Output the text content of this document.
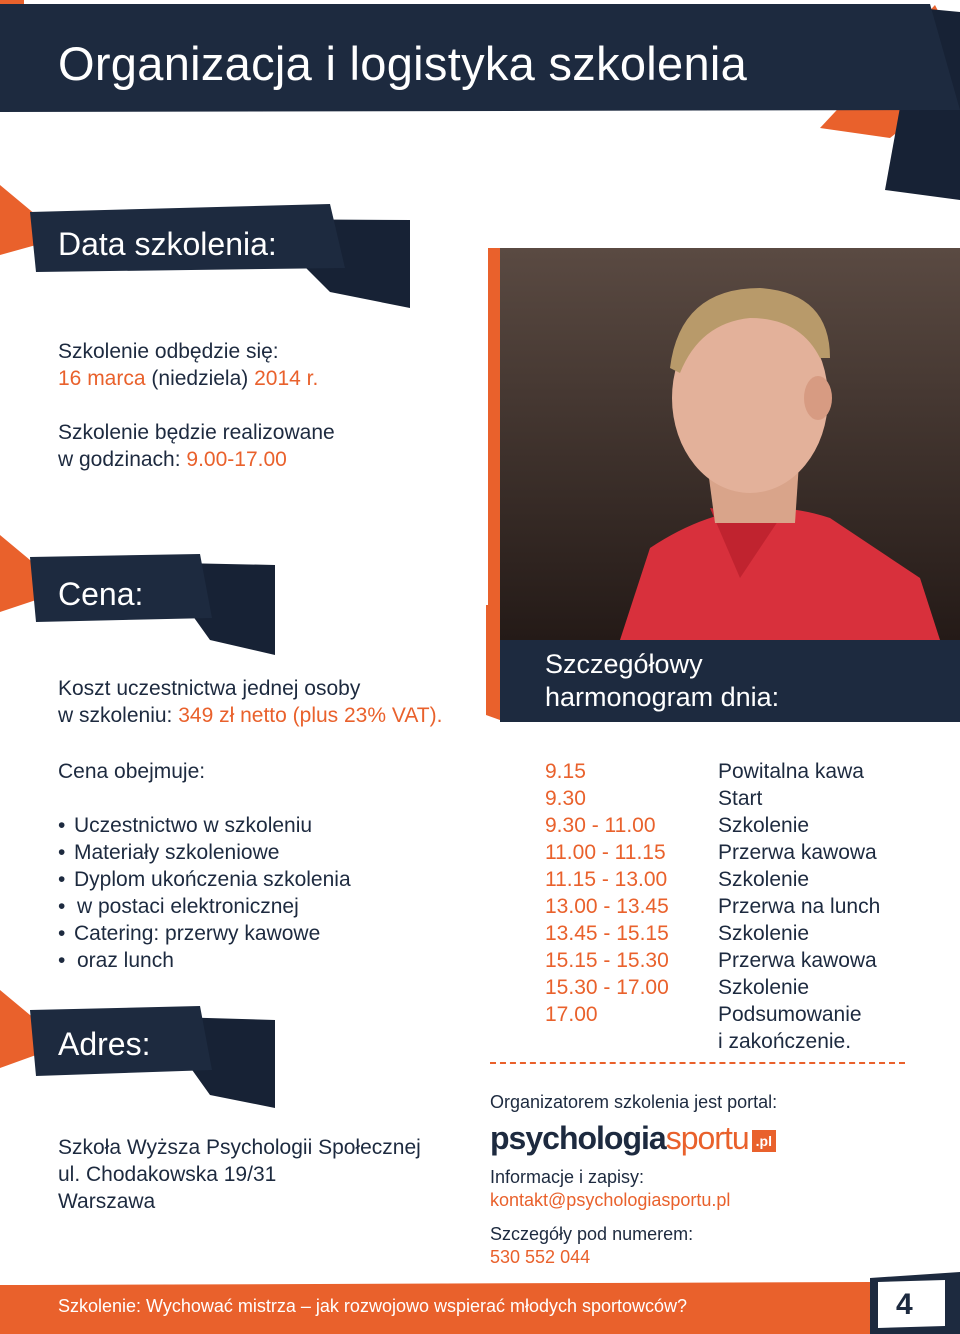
Organizacja i logistyka szkolenia
Data szkolenia:

Szkolenie odbędzie się:

16 marca (niedziela) 2014 r.

Szkolenie będzie realizowane

w godzinach: 9.00-17.00

Cena:

Koszt uczestnictwa jednej osoby

w szkoleniu: 349 zł netto (plus 23% VAT).

Cena obejmuje:

• Uczestnictwo w szkoleniu
• Materiały szkoleniowe
• Dyplom ukończenia szkolenia
• w postaci elektronicznej
• Catering: przerwy kawowe
• oraz lunch
Adres:

Szkoła Wyższa Psychologii Społecznej

ul. Chodakowska 19/31

Warszawa

Szczegółowy
harmonogram dnia:
9.15
9.30
9.30 - 11.00
11.00 - 11.15
11.15 - 13.00
13.00 - 13.45
13.45 - 15.15
15.15 - 15.30
15.30 - 17.00
17.00
Powitalna kawa
Start
Szkolenie
Przerwa kawowa
Szkolenie
Przerwa na lunch
Szkolenie
Przerwa kawowa
Szkolenie
Podsumowanie
i zakończenie.
Organizatorem szkolenia jest portal:
psychologiasportu .pl
Informacje i zapisy:
kontakt@psychologiasportu.pl
Szczegóły pod numerem:
530 552 044
Szkolenie: Wychować mistrza – jak rozwojowo wspierać młodych sportowców?	4
